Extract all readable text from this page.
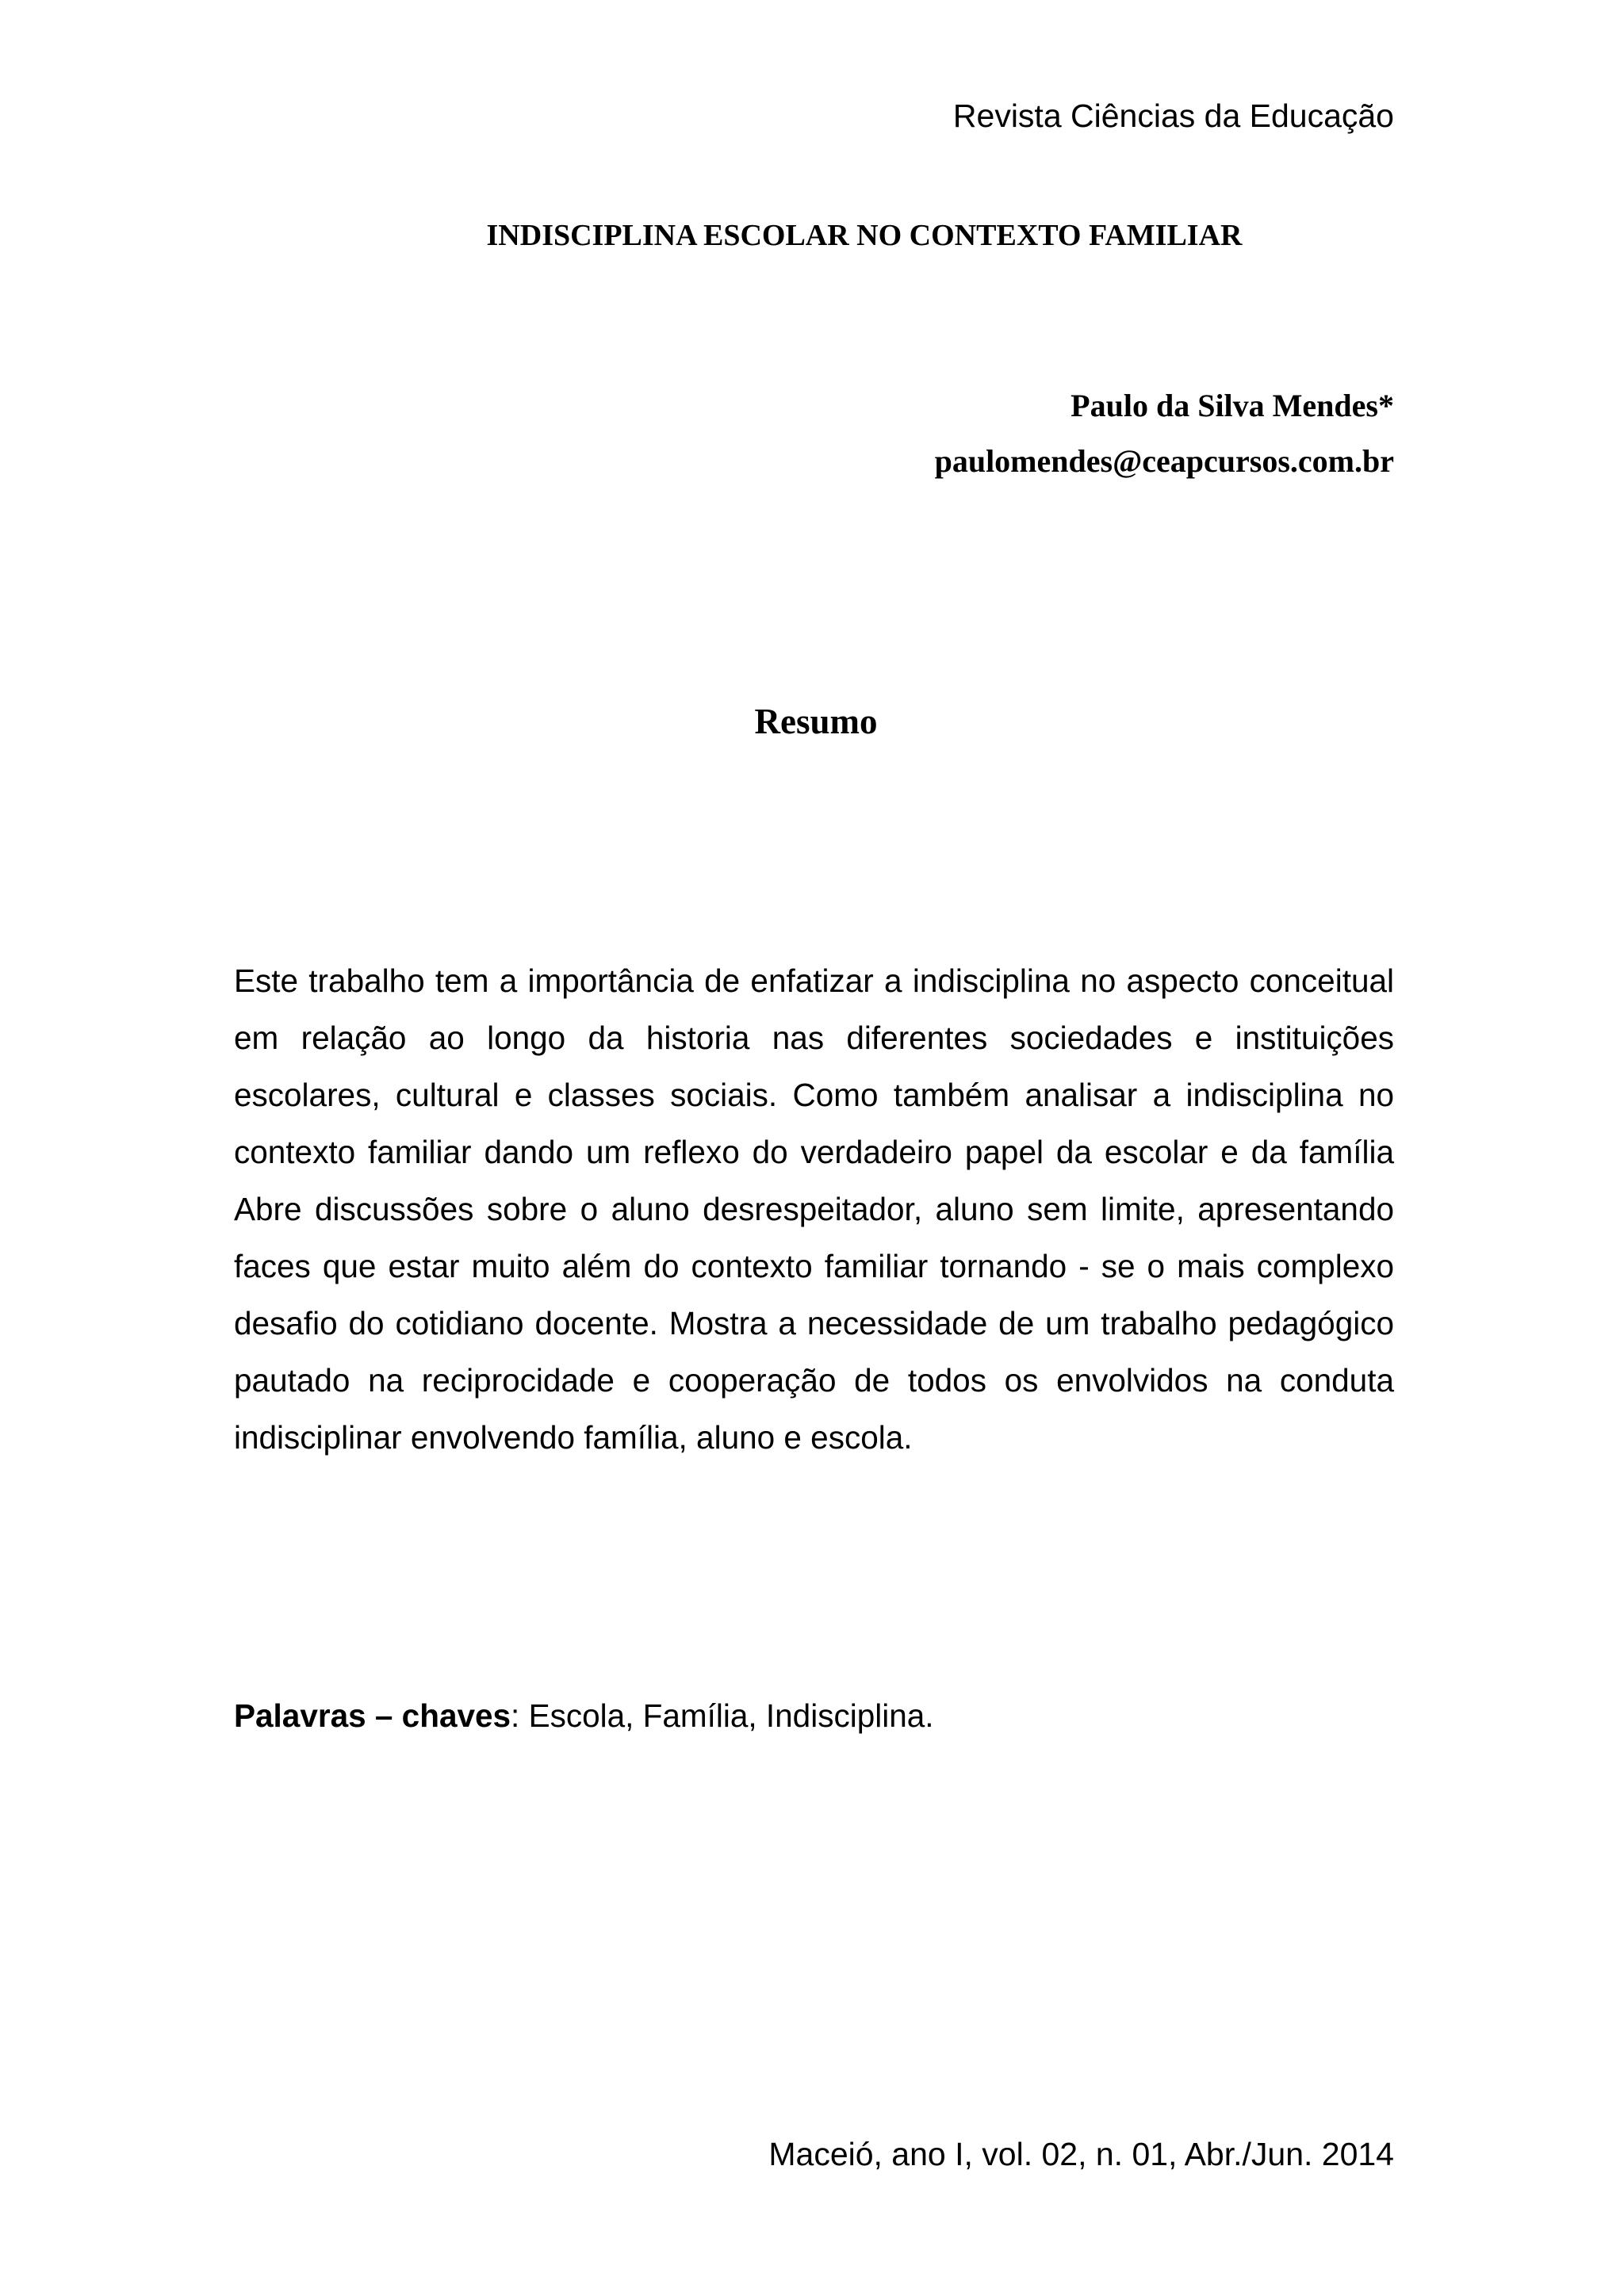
Revista Ciências da Educação
INDISCIPLINA ESCOLAR NO CONTEXTO FAMILIAR
Paulo da Silva Mendes*
paulomendes@ceapcursos.com.br
Resumo

Este trabalho tem a importância de enfatizar a indisciplina no aspecto conceitual em relação ao longo da historia nas diferentes sociedades e instituições escolares, cultural e classes sociais. Como também analisar a indisciplina no contexto familiar dando um reflexo do verdadeiro papel da escolar e da família Abre discussões sobre o aluno desrespeitador, aluno sem limite, apresentando faces que estar muito além do contexto familiar tornando - se o mais complexo desafio do cotidiano docente. Mostra a necessidade de um trabalho pedagógico pautado na reciprocidade e cooperação de todos os envolvidos na conduta indisciplinar envolvendo família, aluno e escola.

Palavras – chaves: Escola, Família, Indisciplina.
Maceió, ano I, vol. 02, n. 01, Abr./Jun. 2014
